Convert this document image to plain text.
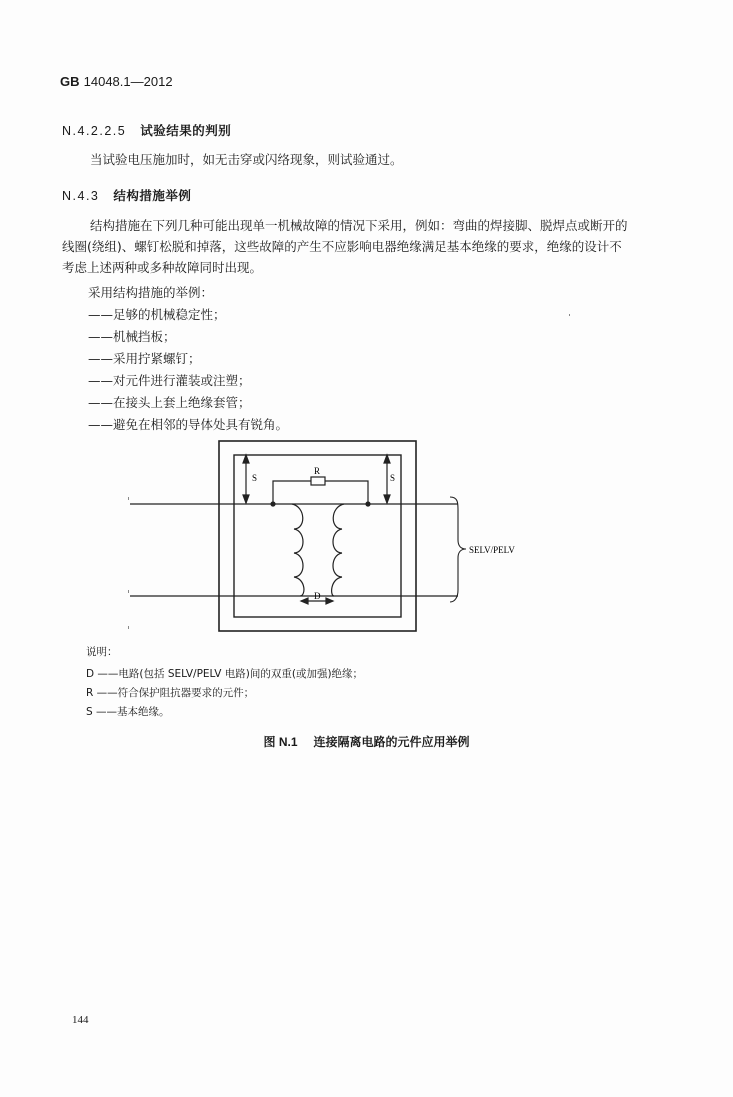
GB 14048.1—2012
N.4.2.2.5 试验结果的判别
当试验电压施加时，如无击穿或闪络现象，则试验通过。
N.4.3 结构措施举例
结构措施在下列几种可能出现单一机械故障的情况下采用，例如：弯曲的焊接脚、脱焊点或断开的
线圈(绕组)、螺钉松脱和掉落，这些故障的产生不应影响电器绝缘满足基本绝缘的要求，绝缘的设计不
考虑上述两种或多种故障同时出现。
采用结构措施的举例：
——足够的机械稳定性；
——机械挡板；
——采用拧紧螺钉；
——对元件进行灌装或注塑；
——在接头上套上绝缘套管；
——避免在相邻的导体处具有锐角。
S	S
R
D
SELV/PELV
说明：
D ——电路(包括 SELV/PELV 电路)间的双重(或加强)绝缘；
R ——符合保护阻抗器要求的元件；
S ——基本绝缘。
图 N.1 连接隔离电路的元件应用举例
144
